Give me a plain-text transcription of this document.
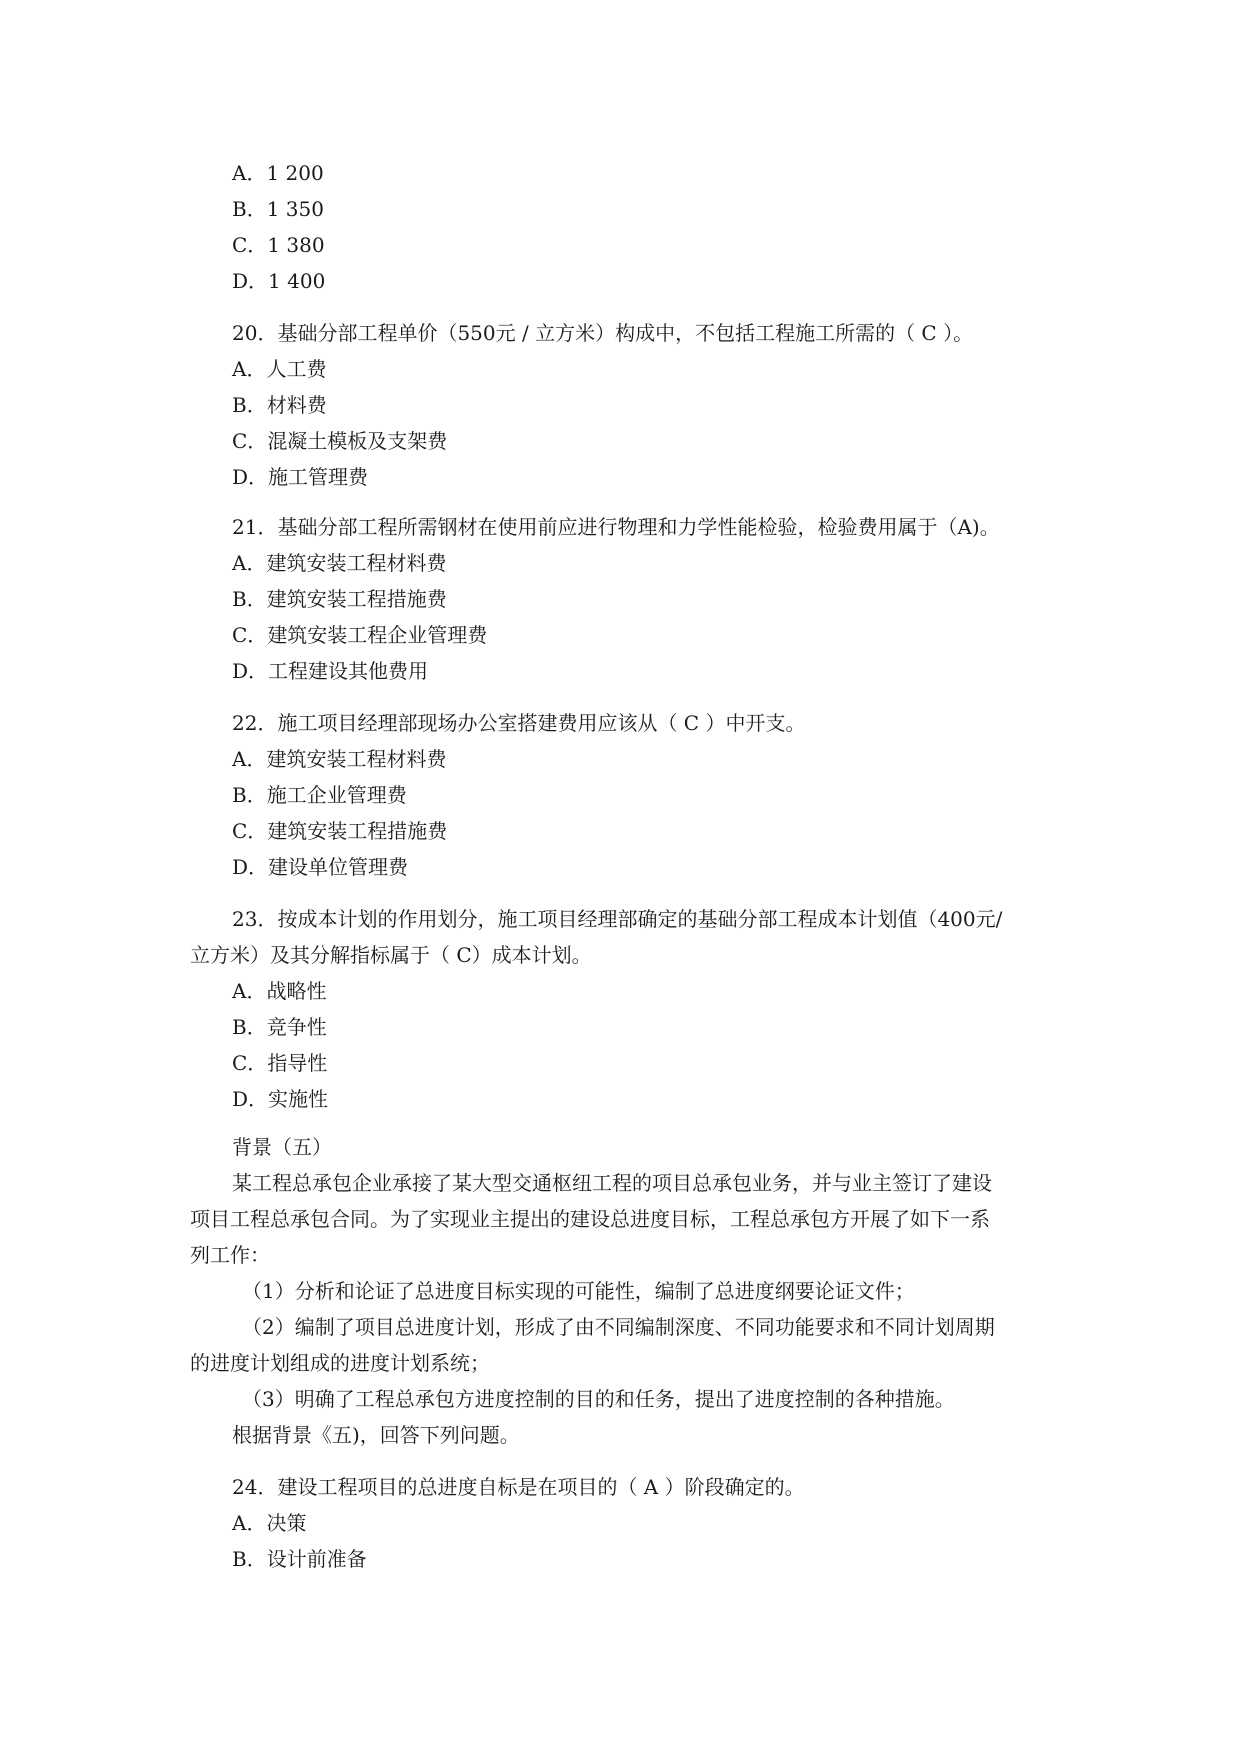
A．1 200
B．1 350
C．1 380
D．1 400
20．基础分部工程单价（550元 / 立方米）构成中，不包括工程施工所需的（ C ）。
A．人工费
B．材料费
C．混凝土模板及支架费
D．施工管理费
21．基础分部工程所需钢材在使用前应进行物理和力学性能检验，检验费用属于（A)。
A．建筑安装工程材料费
B．建筑安装工程措施费
C．建筑安装工程企业管理费
D．工程建设其他费用
22．施工项目经理部现场办公室搭建费用应该从（ C ）中开支。
A．建筑安装工程材料费
B．施工企业管理费
C．建筑安装工程措施费
D．建设单位管理费
23．按成本计划的作用划分，施工项目经理部确定的基础分部工程成本计划值（400元/
立方米）及其分解指标属于（ C）成本计划。
A．战略性
B．竞争性
C．指导性
D．实施性
背景（五）
某工程总承包企业承接了某大型交通枢纽工程的项目总承包业务，并与业主签订了建设
项目工程总承包合同。为了实现业主提出的建设总进度目标，工程总承包方开展了如下一系
列工作：
（1）分析和论证了总进度目标实现的可能性，编制了总进度纲要论证文件；
（2）编制了项目总进度计划，形成了由不同编制深度、不同功能要求和不同计划周期
的进度计划组成的进度计划系统；
（3）明确了工程总承包方进度控制的目的和任务，提出了进度控制的各种措施。
根据背景《五)，回答下列问题。
24．建设工程项目的总进度自标是在项目的（ A ）阶段确定的。
A．决策
B．设计前准备
